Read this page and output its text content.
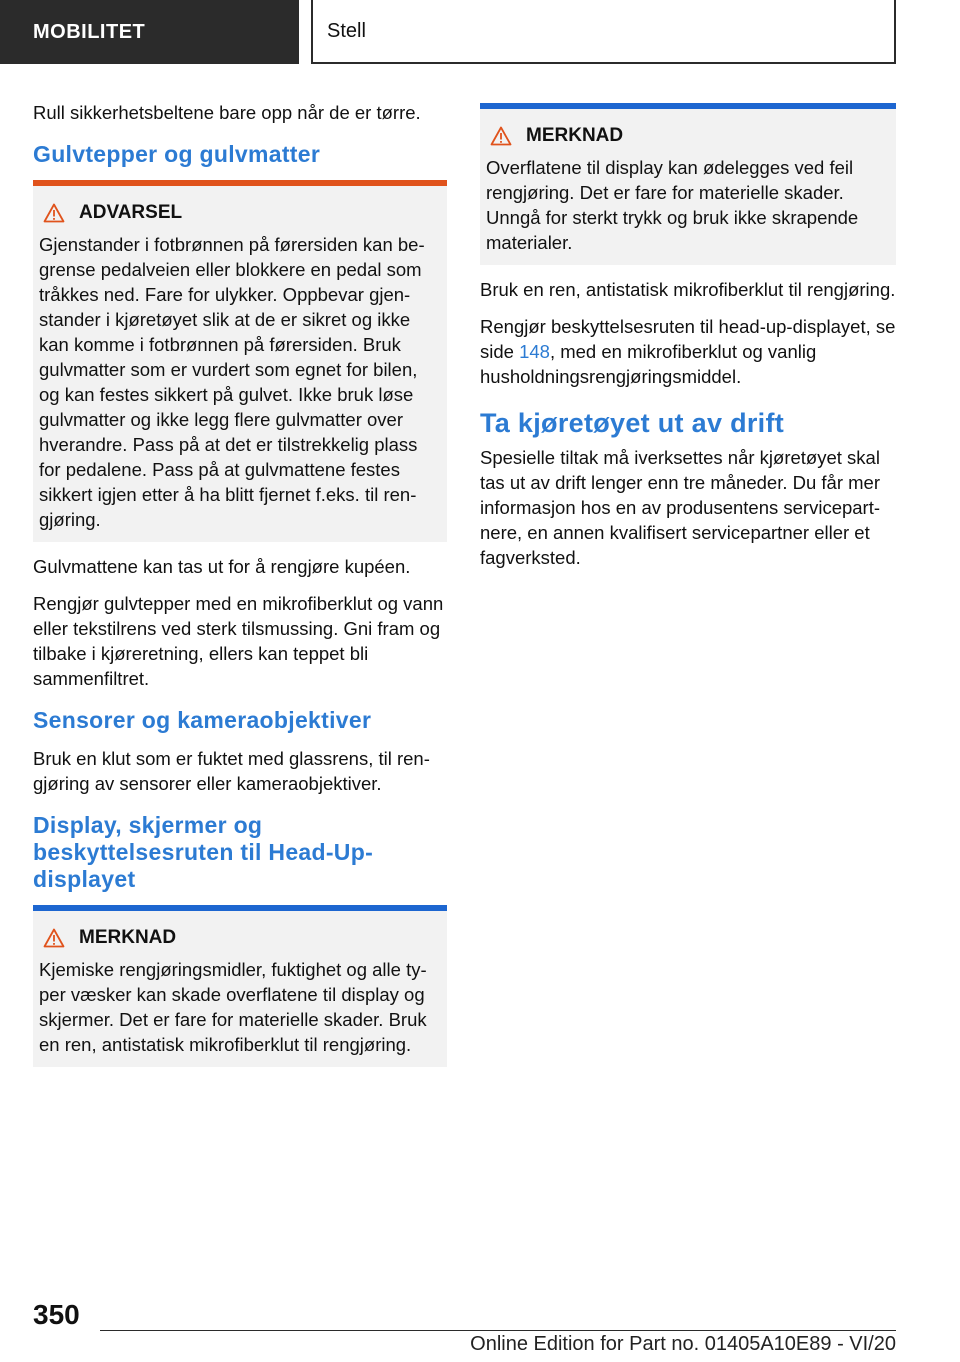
MOBILITET	Stell

Rull sikkerhetsbeltene bare opp når de er tørre.

Gulvtepper og gulvmatter
ADVARSEL
Gjenstander i fotbrønnen på førersiden kan begrense pedalveien eller blokkere en pedal som tråkkes ned. Fare for ulykker. Oppbevar gjenstander i kjøretøyet slik at de er sikret og ikke kan komme i fotbrønnen på førersiden. Bruk gulvmatter som er vurdert som egnet for bilen, og kan festes sikkert på gulvet. Ikke bruk løse gulvmatter og ikke legg flere gulvmatter over hverandre. Pass på at det er tilstrekkelig plass for pedalene. Pass på at gulvmattene festes sikkert igjen etter å ha blitt fjernet f.eks. til rengjøring.

Gulvmattene kan tas ut for å rengjøre kupéen.

Rengjør gulvtepper med en mikrofiberklut og vann eller tekstilrens ved sterk tilsmussing. Gni fram og tilbake i kjøreretning, ellers kan teppet bli sammenfiltret.

Sensorer og kameraobjektiver

Bruk en klut som er fuktet med glassrens, til rengjøring av sensorer eller kameraobjektiver.

Display, skjermer og beskyttelsesruten til Head-Up-displayet
MERKNAD
Kjemiske rengjøringsmidler, fuktighet og alle typer væsker kan skade overflatene til display og skjermer. Det er fare for materielle skader. Bruk en ren, antistatisk mikrofiberklut til rengjøring.
MERKNAD
Overflatene til display kan ødelegges ved feil rengjøring. Det er fare for materielle skader. Unngå for sterkt trykk og bruk ikke skrapende materialer.

Bruk en ren, antistatisk mikrofiberklut til rengjøring.

Rengjør beskyttelsesruten til head-up-displayet, se side 148, med en mikrofiberklut og vanlig husholdningsrengjøringsmiddel.

Ta kjøretøyet ut av drift

Spesielle tiltak må iverksettes når kjøretøyet skal tas ut av drift lenger enn tre måneder. Du får mer informasjon hos en av produsentens servicepartnere, en annen kvalifisert servicepartner eller et fagverksted.

350
Online Edition for Part no. 01405A10E89 - VI/20
